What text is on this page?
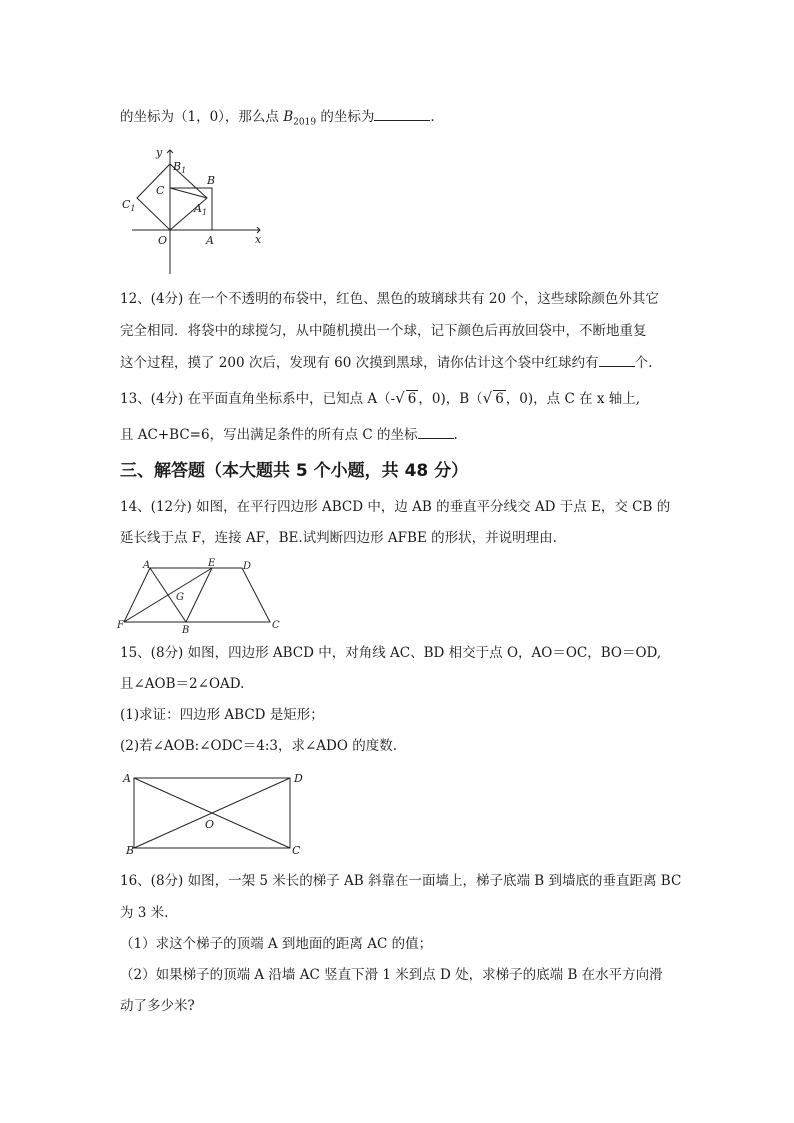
的坐标为（1，0），那么点 $B_{2019}$ 的坐标为	.
y
x
O	A
B
C
$B_1$
$A_1$
$C_1$
12、(4分) 在一个不透明的布袋中，红色、黑色的玻璃球共有 20 个，这些球除颜色外其它
完全相同．将袋中的球搅匀，从中随机摸出一个球，记下颜色后再放回袋中，不断地重复
这个过程，摸了 200 次后，发现有 60 次摸到黑球，请你估计这个袋中红球约有	个.
13、(4分) 在平面直角坐标系中，已知点 A（-√ 6 ，0)，B（√ 6 ，0)，点 C 在 x 轴上,
且 AC+BC=6，写出满足条件的所有点 C 的坐标	.
三、解答题（本大题共 5 个小题，共 48 分）
14、(12分) 如图，在平行四边形 ABCD 中，边 AB 的垂直平分线交 AD 于点 E，交 CB 的
延长线于点 F，连接 AF，BE.试判断四边形 AFBE 的形状，并说明理由.
A	E	D
G
F	B	C
15、(8分) 如图，四边形 ABCD 中，对角线 AC、BD 相交于点 O，AO＝OC，BO＝OD,
且∠AOB＝2∠OAD.
(1)求证：四边形 ABCD 是矩形；
(2)若∠AOB:∠ODC＝4:3，求∠ADO 的度数.
A	D
O
B	C
16、(8分) 如图，一架 5 米长的梯子 AB 斜靠在一面墙上，梯子底端 B 到墙底的垂直距离 BC
为 3 米.
（1）求这个梯子的顶端 A 到地面的距离 AC 的值；
（2）如果梯子的顶端 A 沿墙 AC 竖直下滑 1 米到点 D 处，求梯子的底端 B 在水平方向滑
动了多少米?
